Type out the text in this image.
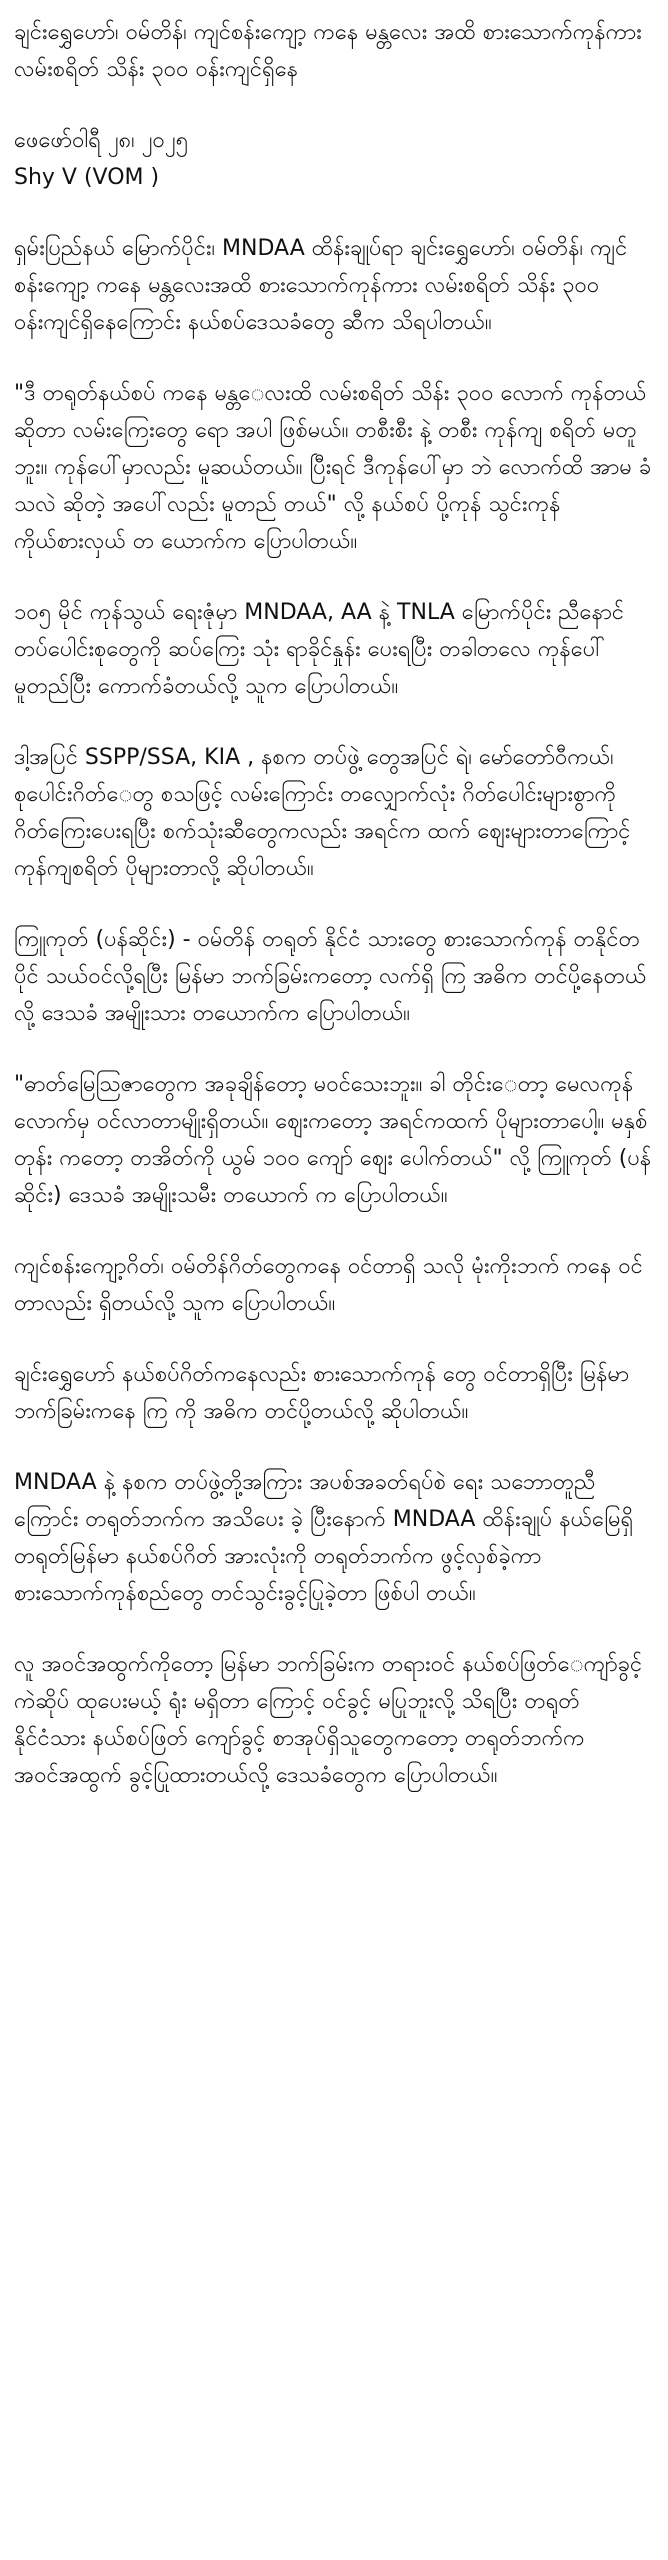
ချင်းရွှေဟော်၊ ဝမ်တိန်၊ ကျင်စန်းကျော့ ကနေ မန္တလေး အထိ စားသောက်ကုန်ကား လမ်းစရိတ် သိန်း ၃၀၀ ဝန်းကျင်ရှိနေ
ဖေဖော်ဝါရီ ၂၈၊ ၂၀၂၅
Shy V (VOM )

ရှမ်းပြည်နယ် မြောက်ပိုင်း၊ MNDAA ထိန်းချုပ်ရာ ချင်းရွှေဟော်၊ ဝမ်တိန်၊ ကျင်စန်းကျော့ ကနေ မန္တလေးအထိ စားသောက်ကုန်ကား လမ်းစရိတ် သိန်း ၃၀၀ ဝန်းကျင်ရှိနေကြောင်း နယ်စပ်ဒေသခံတွေ ဆီက သိရပါတယ်။

"ဒီ တရုတ်နယ်စပ် ကနေ မန္တ‌ေလးထိ လမ်းစရိတ် သိန်း ၃၀၀ လောက် ကုန်တယ် ဆိုတာ လမ်းကြေးတွေ ရော အပါ ဖြစ်မယ်။ တစီးစီး နဲ့ တစီး ကုန်ကျ စရိတ် မတူဘူး။ ကုန်ပေါ်မှာလည်း မူဆယ်တယ်။ ပြီးရင် ဒီကုန်ပေါ်မှာ ဘဲ လောက်ထိ အာမ ခံသလဲ ဆိုတဲ့ အပေါ်လည်း မူတည် တယ်" လို့ နယ်စပ် ပို့ကုန် သွင်းကုန် ကိုယ်စားလှယ် တ ယောက်က ပြောပါတယ်။

၁၀၅ မိုင် ကုန်သွယ် ရေးဇုံမှာ MNDAA, AA နဲ့ TNLA မြောက်ပိုင်း ညီနောင် တပ်ပေါင်းစုတွေကို ဆပ်ကြေး သုံး ရာခိုင်နှုန်း ပေးရပြီး တခါတလေ ကုန်ပေါ်မူတည်ပြီး ကောက်ခံတယ်လို့ သူက ပြောပါတယ်။

ဒါ့အပြင် SSPP/SSA, KIA , နစက တပ်ဖွဲ့ တွေအပြင် ရဲ၊ မော်တော်ဝီကယ်၊ စုပေါင်းဂိတ်‌ေတွ စသဖြင့် လမ်းကြောင်း တလျှောက်လုံး ဂိတ်ပေါင်းများစွာကို ဂိတ်ကြေးပေးရပြီး စက်သုံးဆီတွေကလည်း အရင်က ထက် ဈေးများတာကြောင့် ကုန်ကျစရိတ် ပိုများတာလို့ ဆိုပါတယ်။

ကြူကုတ် (ပန်ဆိုင်း) - ဝမ်တိန် တရုတ် နိုင်ငံ သားတွေ စားသောက်ကုန် တနိုင်တပိုင် သယ်ဝင်လို့ရပြီး မြန်မာ ဘက်ခြမ်းကတော့ လက်ရှိ ကြ အဓိက တင်ပို့နေတယ်လို့ ဒေသခံ အမျိုးသား တယောက်က ပြောပါတယ်။

"ဓာတ်မြေဩဇာတွေက အခုချိန်တော့ မဝင်သေးဘူး။ ခါ တိုင်း‌ေတာ့ မေလကုန်လောက်မှ ဝင်လာတာမျိုးရှိတယ်။ ဈေးကတော့ အရင်ကထက် ပိုများတာပေါ့။ မနှစ်တုန်း ကတော့ တအိတ်ကို ယွမ် ၁၀၀ ကျော် ဈေး ပေါက်တယ်" လို့ ကြူကုတ် (ပန်ဆိုင်း) ဒေသခံ အမျိုးသမီး တယောက် က ပြောပါတယ်။

ကျင်စန်းကျော့ဂိတ်၊ ဝမ်တိန်ဂိတ်တွေကနေ ဝင်တာရှိ သလို မုံးကိုးဘက် ကနေ ဝင်တာလည်း ရှိတယ်လို့ သူက ပြောပါတယ်။

ချင်းရွှေဟော် နယ်စပ်ဂိတ်ကနေလည်း စားသောက်ကုန် တွေ ဝင်တာရှိပြီး မြန်မာ ဘက်ခြမ်းကနေ ကြ ကို အဓိက တင်ပို့တယ်လို့ ဆိုပါတယ်။

MNDAA နဲ့ နစက တပ်ဖွဲ့တို့အကြား အပစ်အခတ်ရပ်စဲ ရေး သဘောတူညီကြောင်း တရုတ်ဘက်က အသိပေး ခဲ့ ပြီးနောက် MNDAA ထိန်းချုပ် နယ်မြေရှိ တရုတ်မြန်မာ နယ်စပ်ဂိတ် အားလုံးကို တရုတ်ဘက်က ဖွင့်လှစ်ခဲ့ကာ စားသောက်ကုန်စည်တွေ တင်သွင်းခွင့်ပြုခဲ့တာ ဖြစ်ပါ တယ်။

လူ အဝင်အထွက်ကိုတော့ မြန်မာ ဘက်ခြမ်းက တရားဝင် နယ်စပ်ဖြတ်‌ေကျာ်ခွင့် ကဲဆိုပ် ထုပေးမယ့် ရုံး မရှိတာ ကြောင့် ဝင်ခွင့် မပြုဘူးလို့ သိရပြီး တရုတ် နိုင်ငံသား နယ်စပ်ဖြတ် ကျော်ခွင့် စာအုပ်ရှိသူတွေကတော့ တရုတ်ဘက်က အဝင်အထွက် ခွင့်ပြုထားတယ်လို့ ဒေသခံတွေက ပြောပါတယ်။
